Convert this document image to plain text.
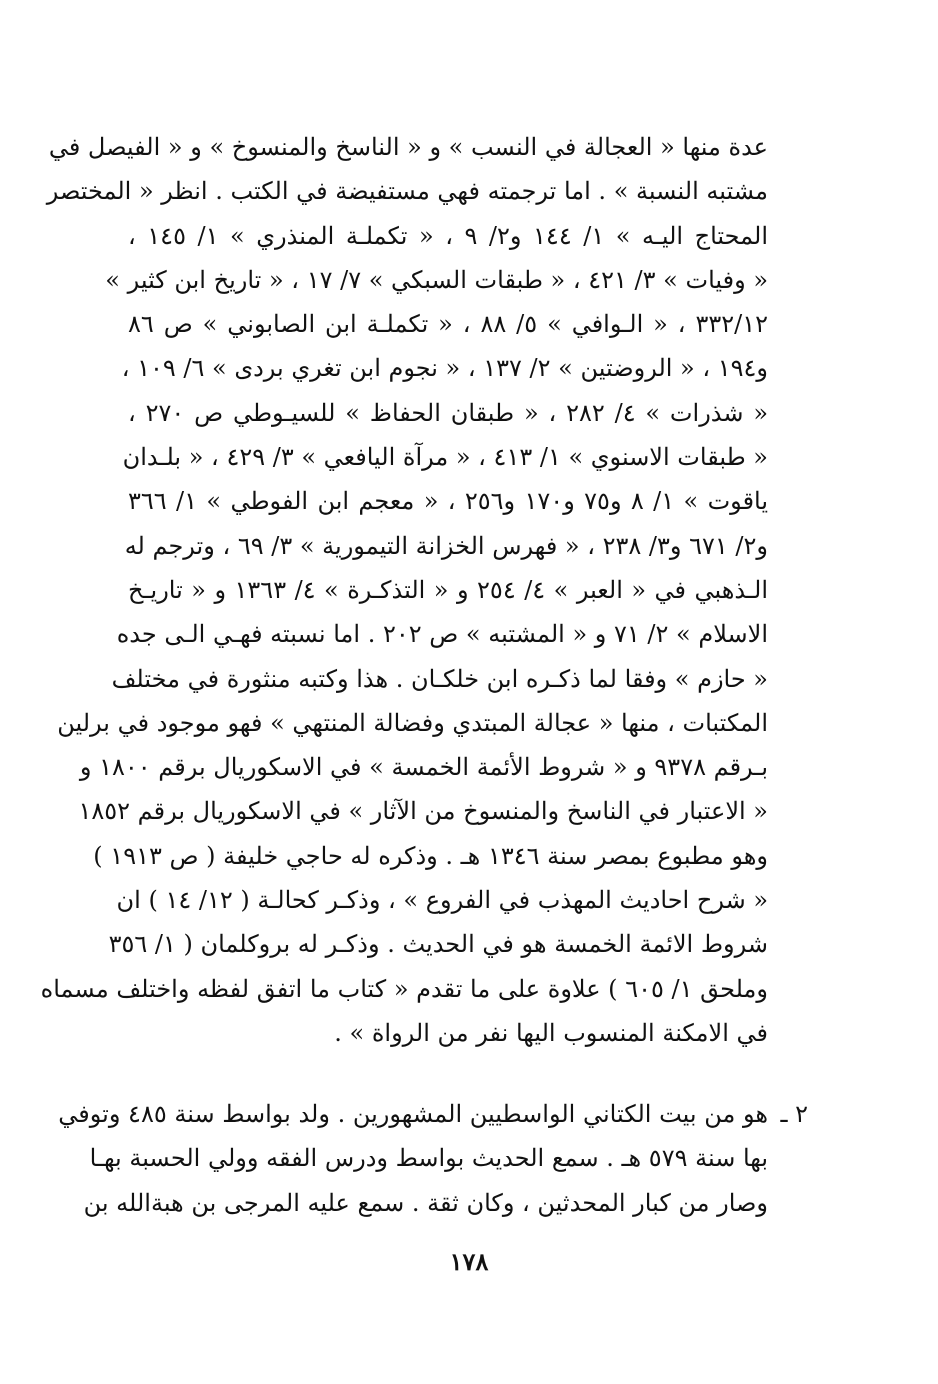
عدة منها « العجالة في النسب » و « الناسخ والمنسوخ » و « الفيصل في
مشتبه النسبة » . اما ترجمته فهي مستفيضة في الكتب . انظر « المختصر
المحتاج اليـه » ١/ ١٤٤ و٢/ ٩ ، « تكملـة المنذري » ١/ ١٤٥ ،
« وفيات » ٣/ ٤٢١ ، « طبقات السبكي » ٧/ ١٧ ، « تاريخ ابن كثير »
٣٣٢/١٢ ، « الـوافي » ٥/ ٨٨ ، « تكملـة ابن الصابوني » ص ٨٦
و١٩٤ ، « الروضتين » ٢/ ١٣٧ ، « نجوم ابن تغري بردى » ٦/ ١٠٩ ،
« شذرات » ٤/ ٢٨٢ ، « طبقان الحفاظ » للسيـوطي ص ٢٧٠ ،
« طبقات الاسنوي » ١/ ٤١٣ ، « مرآة اليافعي » ٣/ ٤٢٩ ، « بلـدان
ياقوت » ١/ ٨ و٧٥ و١٧٠ و٢٥٦ ، « معجم ابن الفوطي » ١/ ٣٦٦
و٢/ ٦٧١ و٣/ ٢٣٨ ، « فهرس الخزانة التيمورية » ٣/ ٦٩ ، وترجم له
الـذهبي في « العبر » ٤/ ٢٥٤ و « التذكـرة » ٤/ ١٣٦٣ و « تاريـخ
الاسلام » ٢/ ٧١ و « المشتبه » ص ٢٠٢ . اما نسبته فهـي الـى جده
« حازم » وفقا لما ذكـره ابن خلكـان . هذا وكتبه منثورة في مختلف
المكتبات ، منها « عجالة المبتدي وفضالة المنتهي » فهو موجود في برلين
بـرقم ٩٣٧٨ و « شروط الأئمة الخمسة » في الاسكوريال برقم ١٨٠٠ و
« الاعتبار في الناسخ والمنسوخ من الآثار » في الاسكوريال برقم ١٨٥٢
وهو مطبوع بمصر سنة ١٣٤٦ هـ . وذكره له حاجي خليفة ( ص ١٩١٣ )
« شرح احاديث المهذب في الفروع » ، وذكـر كحالـة ( ١٢/ ١٤ ) ان
شروط الائمة الخمسة هو في الحديث . وذكـر له بروكلمان ( ١/ ٣٥٦
وملحق ١/ ٦٠٥ ) علاوة على ما تقدم « كتاب ما اتفق لفظه واختلف مسماه
في الامكنة المنسوب اليها نفر من الرواة » .
٢ ـ
هو من بيت الكتاني الواسطيين المشهورين . ولد بواسط سنة ٤٨٥ وتوفي
بها سنة ٥٧٩ هـ . سمع الحديث بواسط ودرس الفقه وولي الحسبة بهـا
وصار من كبار المحدثين ، وكان ثقة . سمع عليه المرجى بن هبةالله بن
١٧٨
